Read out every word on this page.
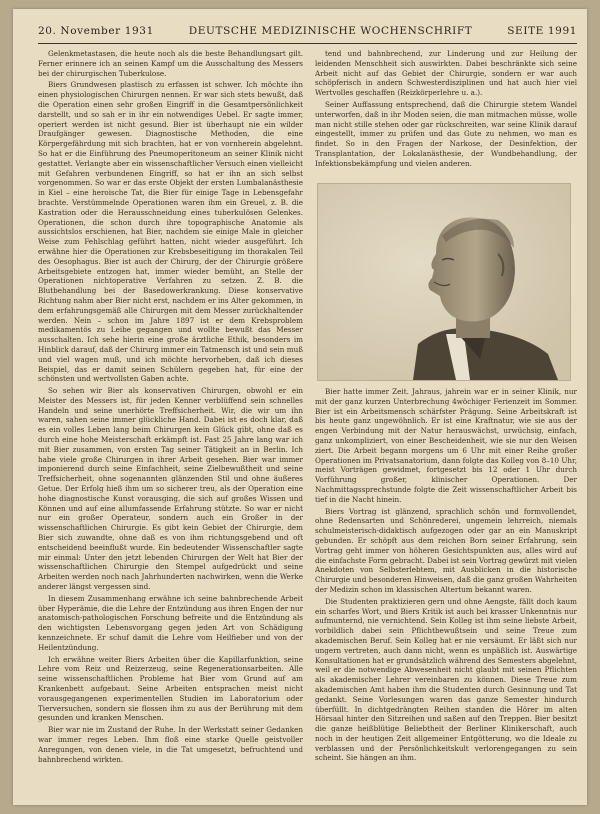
20. November 1931	DEUTSCHE MEDIZINISCHE WOCHENSCHRIFT	SEITE 1991

Gelenkmetastasen, die heute noch als die beste Behandlungsart gilt. Ferner erinnere ich an seinen Kampf um die Ausschaltung des Messers bei der chirurgischen Tuberkulose.

Biers Grundwesen plastisch zu erfassen ist schwer. Ich möchte ihn einen physiologischen Chirurgen nennen. Er war sich stets bewußt, daß die Operation einen sehr großen Eingriff in die Gesamtpersönlichkeit darstellt, und so sah er in ihr ein notwendiges Uebel. Er sagte immer, operiert werden ist nicht gesund. Bier ist überhaupt nie ein wilder Draufgänger gewesen. Diagnostische Methoden, die eine Körpergefährdung mit sich brachten, hat er von vornherein abgelehnt. So hat er die Einführung des Pneumoperitoneum an seiner Klinik nicht gestattet. Verlangte aber ein wissenschaftlicher Versuch einen vielleicht mit Gefahren verbundenen Eingriff, so hat er ihn an sich selbst vorgenommen. So war er das erste Objekt der ersten Lumbalanästhesie in Kiel – eine heroische Tat, die Bier für einige Tage in Lebensgefahr brachte. Verstümmelnde Operationen waren ihm ein Greuel, z. B. die Kastration oder die Herausschneidung eines tuberkulösen Gelenkes. Operationen, die schon durch ihre topographische Anatomie als aussichtslos erschienen, hat Bier, nachdem sie einige Male in gleicher Weise zum Fehlschlag geführt hatten, nicht wieder ausgeführt. Ich erwähne hier die Operationen zur Krebsbeseitigung im thorakalen Teil des Oesophagus. Bier ist auch der Chirurg, der der Chirurgie größere Arbeitsgebiete entzogen hat, immer wieder bemüht, an Stelle der Operationen nichtoperative Verfahren zu setzen. Z. B. die Blutbehandlung bei der Basedowerkrankung. Diese konservative Richtung nahm aber Bier nicht erst, nachdem er ins Alter gekommen, in dem erfahrungsgemäß alle Chirurgen mit dem Messer zurückhaltender werden. Nein – schon im Jahre 1897 ist er dem Krebsproblem medikamentös zu Leibe gegangen und wollte bewußt das Messer ausschalten. Ich sehe hierin eine große ärztliche Ethik, besonders im Hinblick darauf, daß der Chirurg immer ein Tatmensch ist und sein muß und viel wagen muß, und ich möchte hervorheben, daß ich dieses Beispiel, das er damit seinen Schülern gegeben hat, für eine der schönsten und wertvollsten Gaben achte.

So sehen wir Bier als konservativen Chirurgen, obwohl er ein Meister des Messers ist, für jeden Kenner verblüffend sein schnelles Handeln und seine unerhörte Treffsicherheit. Wir, die wir um ihn waren, sahen seine immer glückliche Hand. Dabei ist es doch klar, daß es ein volles Leben lang beim Chirurgen kein Glück gibt, ohne daß es durch eine hohe Meisterschaft erkämpft ist. Fast 25 Jahre lang war ich mit Bier zusammen, von ersten Tag seiner Tätigkeit an in Berlin. Ich habe viele große Chirurgen in ihrer Arbeit gesehen. Bier war immer imponierend durch seine Einfachheit, seine Zielbewußtheit und seine Treffsicherheit, ohne sogenannten glänzenden Stil und ohne äußeres Getue. Der Erfolg hieß ihm um so sicherer treu, als der Operation eine hohe diagnostische Kunst vorausging, die sich auf großes Wissen und Können und auf eine allumfassende Erfahrung stützte. So war er nicht nur ein großer Operateur, sondern auch ein Großer in der wissenschaftlichen Chirurgie. Es gibt kein Gebiet der Chirurgie, dem Bier sich zuwandte, ohne daß es von ihm richtungsgebend und oft entscheidend beeinflußt wurde. Ein bedeutender Wissenschaftler sagte mir einmal: Unter den jetzt lebenden Chirurgen der Welt hat Bier der wissenschaftlichen Chirurgie den Stempel aufgedrückt und seine Arbeiten werden noch nach Jahrhunderten nachwirken, wenn die Werke anderer längst vergessen sind.

In diesem Zusammenhang erwähne ich seine bahnbrechende Arbeit über Hyperämie, die die Lehre der Entzündung aus ihren Engen der nur anatomisch-pathologischen Forschung befreite und die Entzündung als den wichtigsten Lebensvorgang gegen jeden Art von Schädigung kennzeichnete. Er schuf damit die Lehre vom Heilfieber und von der Heilentzündung.

Ich erwähne weiter Biers Arbeiten über die Kapillarfunktion, seine Lehre vom Reiz und Reizerzeug, seine Regenerationsarbeiten. Alle seine wissenschaftlichen Probleme hat Bier vom Grund auf am Krankenbett aufgebaut. Seine Arbeiten entsprachen meist nicht vorausgegangenen experimentellen Studien im Laboratorium oder Tierversuchen, sondern sie flossen ihm zu aus der Berührung mit dem gesunden und kranken Menschen.

Bier war nie im Zustand der Ruhe. In der Werkstatt seiner Gedanken war immer reges Leben. Ihm floß eine starke Quelle geistvoller Anregungen, von denen viele, in die Tat umgesetzt, befruchtend und bahnbrechend wirkten.

tend und bahnbrechend, zur Linderung und zur Heilung der leidenden Menschheit sich auswirkten. Dabei beschränkte sich seine Arbeit nicht auf das Gebiet der Chirurgie, sondern er war auch schöpferisch in andern Schwesterdisziplinen und hat auch hier viel Wertvolles geschaffen (Reizkörperlehre u. a.).

Seiner Auffassung entsprechend, daß die Chirurgie stetem Wandel unterworfen, daß in ihr Moden seien, die man mitmachen müsse, wolle man nicht stille stehen oder gar rückschreiten, war seine Klinik darauf eingestellt, immer zu prüfen und das Gute zu nehmen, wo man es findet. So in den Fragen der Narkose, der Desinfektion, der Transplantation, der Lokalanästhesie, der Wundbehandlung, der Infektionsbekämpfung und vielen anderen.

Bier hatte immer Zeit. Jahraus, jahrein war er in seiner Klinik, nur mit der ganz kurzen Unterbrechung 4wöchiger Ferienzeit im Sommer. Bier ist ein Arbeitsmensch schärfster Prägung. Seine Arbeitskraft ist bis heute ganz ungewöhnlich. Er ist eine Kraftnatur, wie sie aus der engen Verbindung mit der Natur herauswächst, urwüchsig, einfach, ganz unkompliziert, von einer Bescheidenheit, wie sie nur den Weisen ziert. Die Arbeit begann morgens um 6 Uhr mit einer Reihe großer Operationen im Privatsanatorium, dann folgte das Kolleg von 8–10 Uhr, meist Vorträgen gewidmet, fortgesetzt bis 12 oder 1 Uhr durch Vorführung großer, klinischer Operationen. Der Nachmittagssprechstunde folgte die Zeit wissenschaftlicher Arbeit bis tief in die Nacht hinein.

Biers Vortrag ist glänzend, sprachlich schön und formvollendet, ohne Redensarten und Schönrederei, ungemein lehrreich, niemals schulmeisterisch-didaktisch aufgezogen oder gar an ein Manuskript gebunden. Er schöpft aus dem reichen Born seiner Erfahrung, sein Vortrag geht immer von höheren Gesichtspunkten aus, alles wird auf die einfachste Form gebracht. Dabei ist sein Vortrag gewürzt mit vielen Anekdoten von Selbsterlebtem, mit Ausblicken in die historische Chirurgie und besonderen Hinweisen, daß die ganz großen Wahrheiten der Medizin schon im klassischen Altertum bekannt waren.

Die Studenten praktizieren gern und ohne Aengste, fällt doch kaum ein scharfes Wort, und Biers Kritik ist auch bei krasser Unkenntnis nur aufmunternd, nie vernichtend. Sein Kolleg ist ihm seine liebste Arbeit, vorbildlich dabei sein Pflichtbewußtsein und seine Treue zum akademischen Beruf. Sein Kolleg hat er nie versäumt. Er läßt sich nur ungern vertreten, auch dann nicht, wenn es unpäßlich ist. Auswärtige Konsultationen hat er grundsätzlich während des Semesters abgelehnt, weil er die notwendige Abwesenheit nicht glaubt mit seinen Pflichten als akademischer Lehrer vereinbaren zu können. Diese Treue zum akademischen Amt haben ihm die Studenten durch Gesinnung und Tat gedankt. Seine Vorlesungen waren das ganze Semester hindurch überfüllt. In dichtgedrängten Reihen standen die Hörer im alten Hörsaal hinter den Sitzreihen und saßen auf den Treppen. Bier besitzt die ganze heißblütige Beliebtheit der Berliner Klinikerschaft, auch noch in der heutigen Zeit allgemeiner Entgötterung, wo die Ideale zu verblassen und der Persönlichkeitskult verlorengegangen zu sein scheint. Sie hängen an ihm.
